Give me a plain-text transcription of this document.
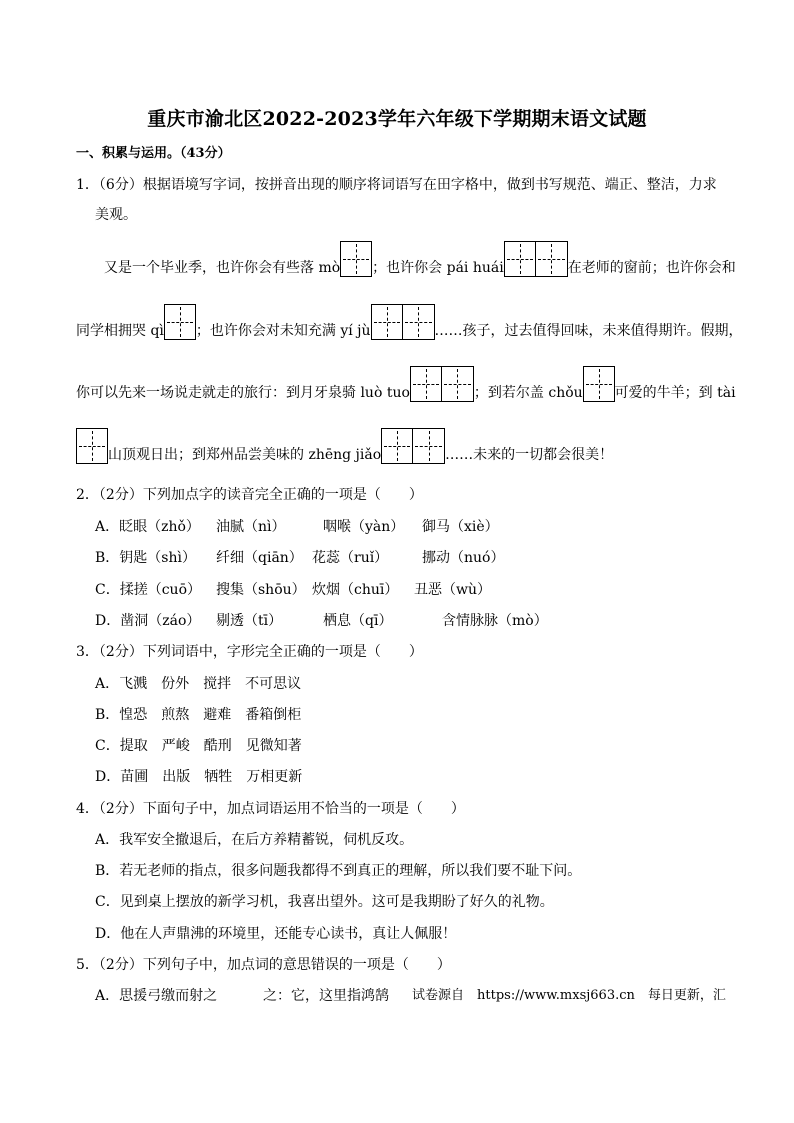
重庆市渝北区2022-2023学年六年级下学期期末语文试题
一、积累与运用。（43分）
1．（6分）根据语境写字词，按拼音出现的顺序将词语写在田字格中，做到书写规范、端正、整洁，力求
美观。
又是一个毕业季，也许你会有些落 mò ；也许你会 pái huái	在老师的窗前；也许你会和
同学相拥哭 qì ；也许你会对未知充满 yí jù	……孩子，过去值得回味，未来值得期许。假期，
你可以先来一场说走就走的旅行：到月牙泉骑 luò tuo	；到若尔盖 chǒu 可爱的牛羊；到 tài
山顶观日出；到郑州品尝美味的 zhēng jiǎo	……未来的一切都会很美！
2．（2分）下列加点字的读音完全正确的一项是（　　）
A．眨眼（zhǒ） 油腻（nì）	咽喉（yàn） 御马（xiè）
B．钥匙（shì） 纤细（qiān） 花蕊（ruǐ） 挪动（nuó）
C．揉搓（cuō） 搜集（shōu） 炊烟（chuī） 丑恶（wù）
D．凿洞（záo） 剔透（tī）	栖息（qī）	含情脉脉（mò）
3．（2分）下列词语中，字形完全正确的一项是（　　）
A．飞溅　份外　搅拌　不可思议
B．惶恐　煎熬　避难　番箱倒柜
C．提取　严峻　酷刑　见微知著
D．苗圃　出版　牺牲　万相更新
4．（2分）下面句子中，加点词语运用不恰当的一项是（　　）
A．我军安全撤退后，在后方养精蓄锐，伺机反攻。
B．若无老师的指点，很多问题我都得不到真正的理解，所以我们要不耻下问。
C．见到桌上摆放的新学习机，我喜出望外。这可是我期盼了好久的礼物。
D．他在人声鼎沸的环境里，还能专心读书，真让人佩服！
5．（2分）下列句子中，加点词的意思错误的一项是（　　）
A．思援弓缴而射之	之：它，这里指鸿鹄 试卷源自　https://www.mxsj663.cn　每日更新，汇
